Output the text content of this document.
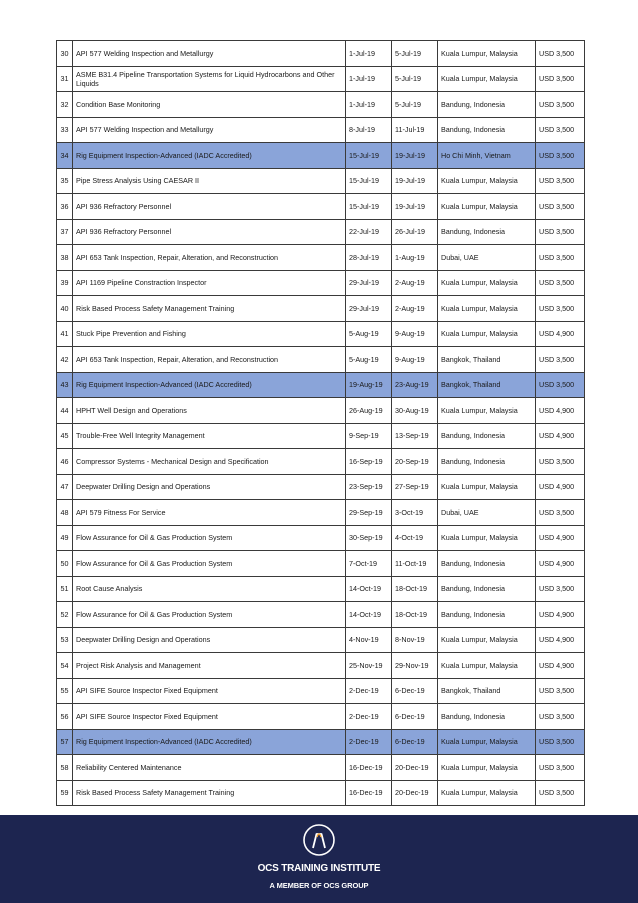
30	API 577 Welding Inspection and Metallurgy	1-Jul-19	5-Jul-19	Kuala Lumpur, Malaysia	USD 3,500
31	ASME B31.4 Pipeline Transportation Systems for Liquid Hydrocarbons and Other Liquids	1-Jul-19	5-Jul-19	Kuala Lumpur, Malaysia	USD 3,500
32	Condition Base Monitoring	1-Jul-19	5-Jul-19	Bandung, Indonesia	USD 3,500
33	API 577 Welding Inspection and Metallurgy	8-Jul-19	11-Jul-19	Bandung, Indonesia	USD 3,500
34	Rig Equipment Inspection-Advanced (IADC Accredited)	15-Jul-19	19-Jul-19	Ho Chi Minh, Vietnam	USD 3,500
35	Pipe Stress Analysis Using CAESAR II	15-Jul-19	19-Jul-19	Kuala Lumpur, Malaysia	USD 3,500
36	API 936 Refractory Personnel	15-Jul-19	19-Jul-19	Kuala Lumpur, Malaysia	USD 3,500
37	API 936 Refractory Personnel	22-Jul-19	26-Jul-19	Bandung, Indonesia	USD 3,500
38	API 653 Tank Inspection, Repair, Alteration, and Reconstruction	28-Jul-19	1-Aug-19	Dubai, UAE	USD 3,500
39	API 1169 Pipeline Constraction Inspector	29-Jul-19	2-Aug-19	Kuala Lumpur, Malaysia	USD 3,500
40	Risk Based Process Safety Management Training	29-Jul-19	2-Aug-19	Kuala Lumpur, Malaysia	USD 3,500
41	Stuck Pipe Prevention and Fishing	5-Aug-19	9-Aug-19	Kuala Lumpur, Malaysia	USD 4,900
42	API 653 Tank Inspection, Repair, Alteration, and Reconstruction	5-Aug-19	9-Aug-19	Bangkok, Thailand	USD 3,500
43	Rig Equipment Inspection-Advanced (IADC Accredited)	19-Aug-19	23-Aug-19	Bangkok, Thailand	USD 3,500
44	HPHT Well Design and Operations	26-Aug-19	30-Aug-19	Kuala Lumpur, Malaysia	USD 4,900
45	Trouble-Free Well Integrity Management	9-Sep-19	13-Sep-19	Bandung, Indonesia	USD 4,900
46	Compressor Systems - Mechanical Design and Specification	16-Sep-19	20-Sep-19	Bandung, Indonesia	USD 3,500
47	Deepwater Drilling Design and Operations	23-Sep-19	27-Sep-19	Kuala Lumpur, Malaysia	USD 4,900
48	API 579 Fitness For Service	29-Sep-19	3-Oct-19	Dubai, UAE	USD 3,500
49	Flow Assurance for Oil & Gas Production System	30-Sep-19	4-Oct-19	Kuala Lumpur, Malaysia	USD 4,900
50	Flow Assurance for Oil & Gas Production System	7-Oct-19	11-Oct-19	Bandung, Indonesia	USD 4,900
51	Root Cause Analysis	14-Oct-19	18-Oct-19	Bandung, Indonesia	USD 3,500
52	Flow Assurance for Oil & Gas Production System	14-Oct-19	18-Oct-19	Bandung, Indonesia	USD 4,900
53	Deepwater Drilling Design and Operations	4-Nov-19	8-Nov-19	Kuala Lumpur, Malaysia	USD 4,900
54	Project Risk Analysis and Management	25-Nov-19	29-Nov-19	Kuala Lumpur, Malaysia	USD 4,900
55	API SIFE Source Inspector Fixed Equipment	2-Dec-19	6-Dec-19	Bangkok, Thailand	USD 3,500
56	API SIFE Source Inspector Fixed Equipment	2-Dec-19	6-Dec-19	Bandung, Indonesia	USD 3,500
57	Rig Equipment Inspection-Advanced (IADC Accredited)	2-Dec-19	6-Dec-19	Kuala Lumpur, Malaysia	USD 3,500
58	Reliability Centered Maintenance	16-Dec-19	20-Dec-19	Kuala Lumpur, Malaysia	USD 3,500
59	Risk Based Process Safety Management Training	16-Dec-19	20-Dec-19	Kuala Lumpur, Malaysia	USD 3,500
OCS TRAINING INSTITUTE
A MEMBER OF OCS GROUP
